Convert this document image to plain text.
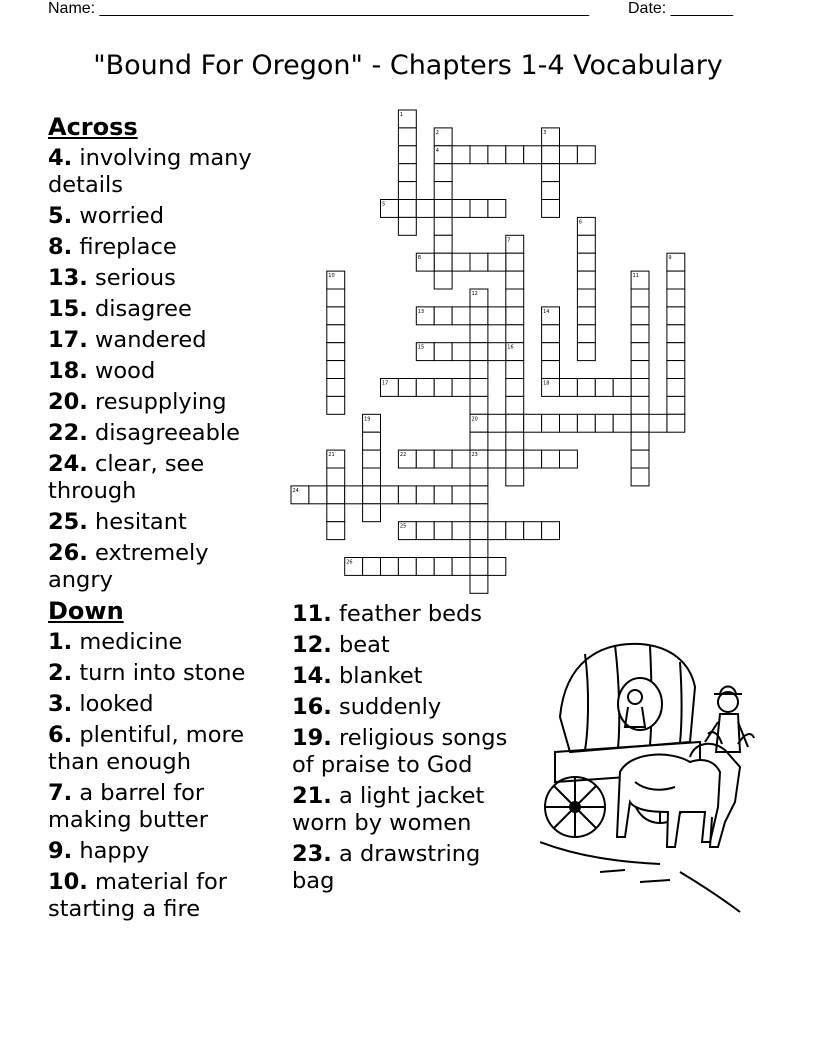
Name: _______________________________________________________ Date: _______
"Bound For Oregon" - Chapters 1-4 Vocabulary
1
2	3
4
5
6
7
8	9
10	11
12
13	14
15	16
17	18
19	20
21	22	23
24
25
26
Across
4. involving many details
5. worried
8. fireplace
13. serious
15. disagree
17. wandered
18. wood
20. resupplying
22. disagreeable
24. clear, see through
25. hesitant
26. extremely angry
Down
1. medicine
2. turn into stone
3. looked
6. plentiful, more than enough
7. a barrel for making butter
9. happy
10. material for starting a fire
11. feather beds
12. beat
14. blanket
16. suddenly
19. religious songs of praise to God
21. a light jacket worn by women
23. a drawstring bag
